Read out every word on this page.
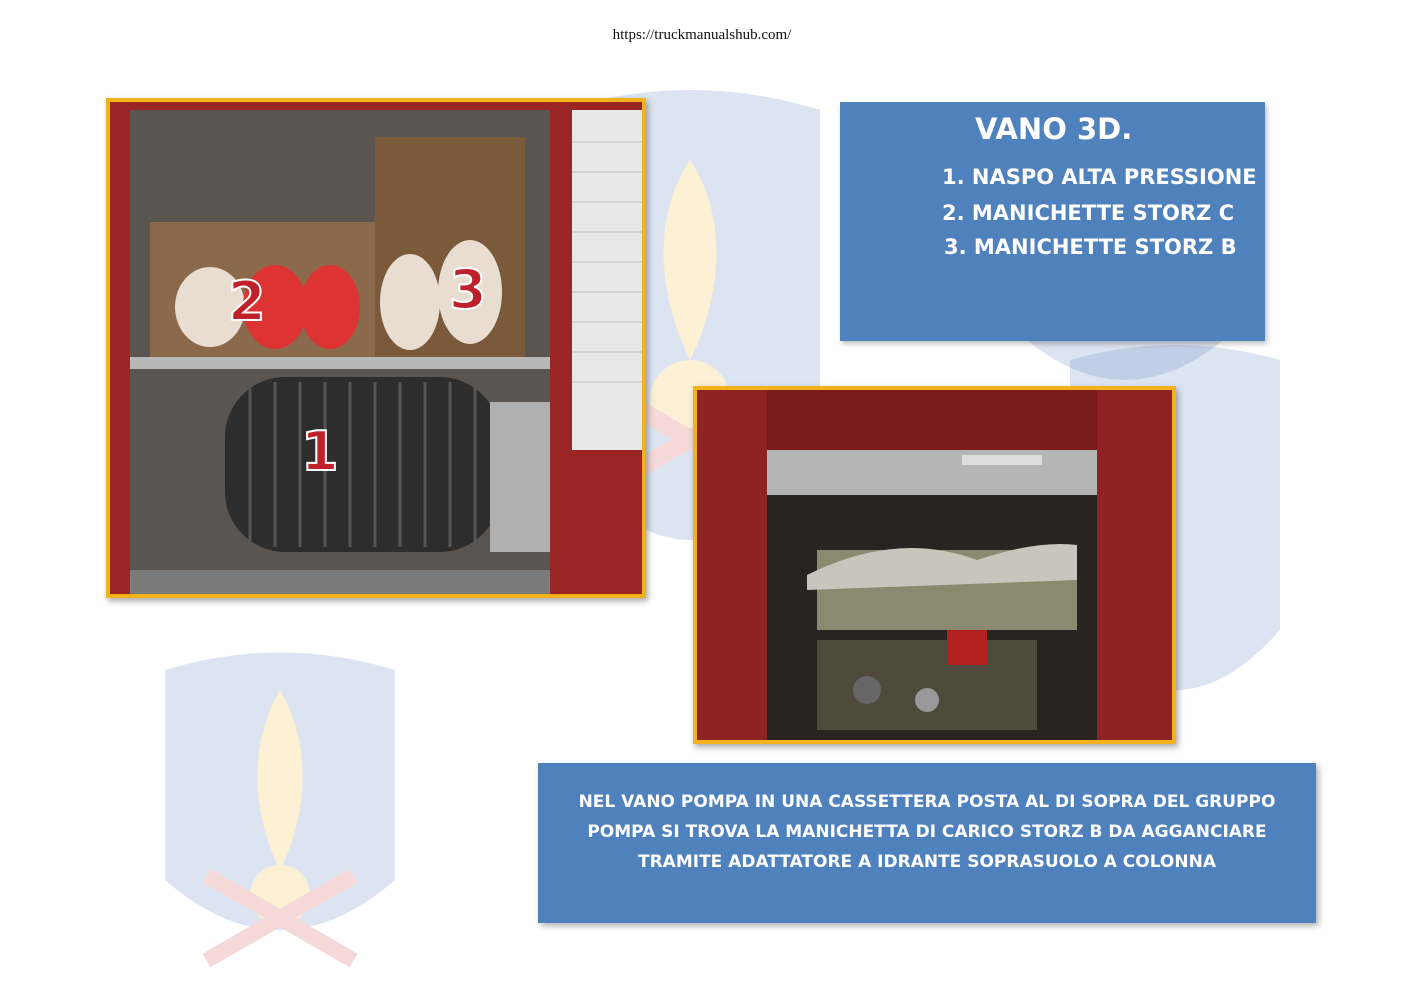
https://truckmanualshub.com/
2	3
1
VANO 3D.
1. NASPO ALTA PRESSIONE
2. MANICHETTE STORZ C
3. MANICHETTE STORZ B

NEL VANO POMPA IN UNA CASSETTERA POSTA AL DI SOPRA DEL GRUPPO

POMPA SI TROVA LA MANICHETTA DI CARICO STORZ B DA AGGANCIARE

TRAMITE ADATTATORE A IDRANTE SOPRASUOLO A COLONNA
